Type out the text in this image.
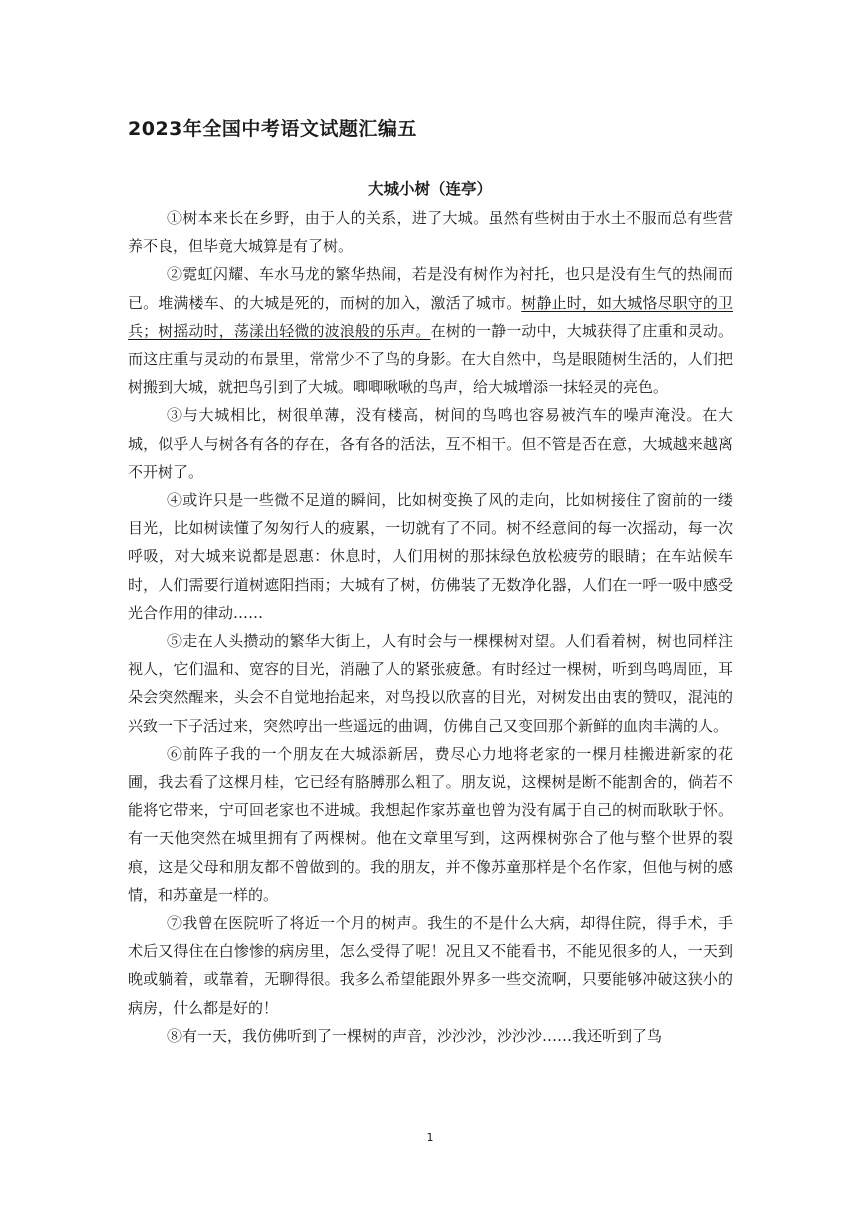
2023年全国中考语文试题汇编五
大城小树（连亭）

①树本来长在乡野，由于人的关系，进了大城。虽然有些树由于水土不服而总有些营养不良，但毕竟大城算是有了树。

②霓虹闪耀、车水马龙的繁华热闹，若是没有树作为衬托，也只是没有生气的热闹而已。堆满楼车、的大城是死的，而树的加入，激活了城市。树静止时，如大城恪尽职守的卫兵；树摇动时，荡漾出轻微的波浪般的乐声。在树的一静一动中，大城获得了庄重和灵动。而这庄重与灵动的布景里，常常少不了鸟的身影。在大自然中，鸟是眼随树生活的，人们把树搬到大城，就把鸟引到了大城。唧唧啾啾的鸟声，给大城增添一抹轻灵的亮色。

③与大城相比，树很单薄，没有楼高，树间的鸟鸣也容易被汽车的噪声淹没。在大城，似乎人与树各有各的存在，各有各的活法，互不相干。但不管是否在意，大城越来越离不开树了。

④或许只是一些微不足道的瞬间，比如树变换了风的走向，比如树接住了窗前的一缕目光，比如树读懂了匆匆行人的疲累，一切就有了不同。树不经意间的每一次摇动，每一次呼吸，对大城来说都是恩惠：休息时，人们用树的那抹绿色放松疲劳的眼睛；在车站候车时，人们需要行道树遮阳挡雨；大城有了树，仿佛装了无数净化器，人们在一呼一吸中感受光合作用的律动……

⑤走在人头攒动的繁华大街上，人有时会与一棵棵树对望。人们看着树，树也同样注视人，它们温和、宽容的目光，消融了人的紧张疲惫。有时经过一棵树，听到鸟鸣周匝，耳朵会突然醒来，头会不自觉地抬起来，对鸟投以欣喜的目光，对树发出由衷的赞叹，混沌的兴致一下子活过来，突然哼出一些遥远的曲调，仿佛自己又变回那个新鲜的血肉丰满的人。

⑥前阵子我的一个朋友在大城添新居，费尽心力地将老家的一棵月桂搬进新家的花圃，我去看了这棵月桂，它已经有胳膊那么粗了。朋友说，这棵树是断不能割舍的，倘若不能将它带来，宁可回老家也不进城。我想起作家苏童也曾为没有属于自己的树而耿耿于怀。有一天他突然在城里拥有了两棵树。他在文章里写到，这两棵树弥合了他与整个世界的裂痕，这是父母和朋友都不曾做到的。我的朋友，并不像苏童那样是个名作家，但他与树的感情，和苏童是一样的。

⑦我曾在医院听了将近一个月的树声。我生的不是什么大病，却得住院，得手术，手术后又得住在白惨惨的病房里，怎么受得了呢！况且又不能看书，不能见很多的人，一天到晚或躺着，或靠着，无聊得很。我多么希望能跟外界多一些交流啊，只要能够冲破这狭小的病房，什么都是好的！

⑧有一天，我仿佛听到了一棵树的声音，沙沙沙，沙沙沙……我还听到了鸟

1
